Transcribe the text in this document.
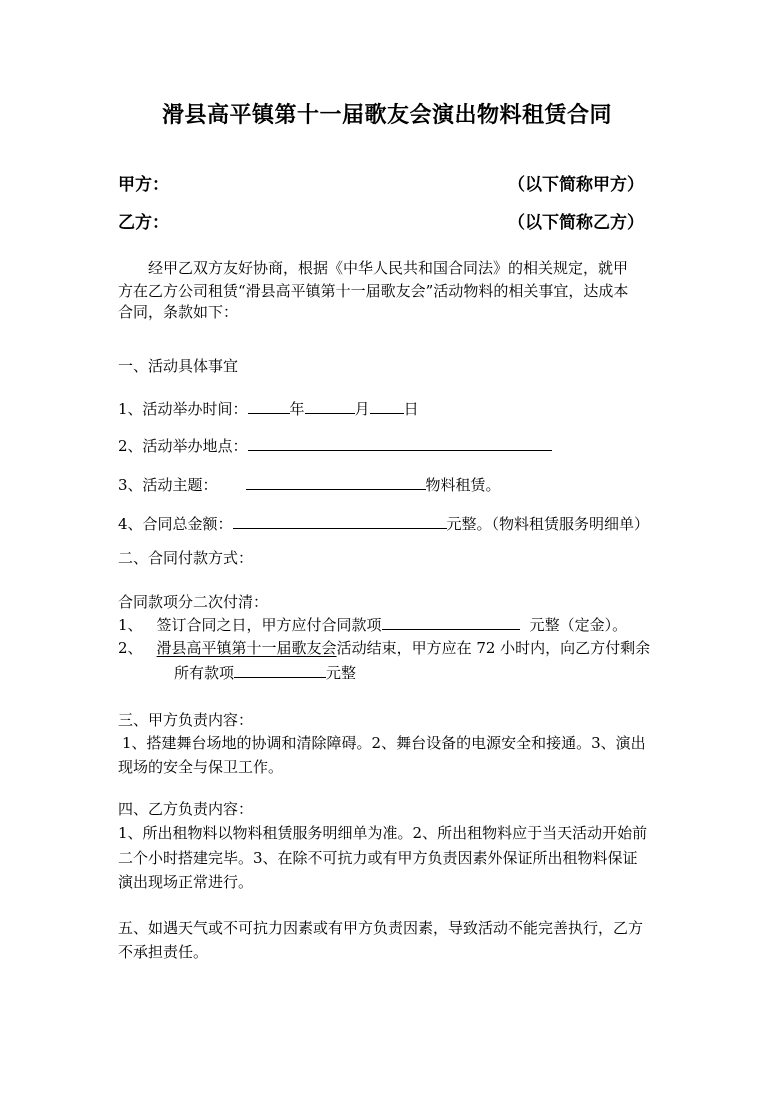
滑县高平镇第十一届歌友会演出物料租赁合同
甲方：	（以下简称甲方）
乙方：	（以下简称乙方）
经甲乙双方友好协商，根据《中华人民共和国合同法》的相关规定，就甲
方在乙方公司租赁“滑县高平镇第十一届歌友会”活动物料的相关事宜，达成本
合同，条款如下：
一、活动具体事宜
1、活动举办时间：	年	月 日
2、活动举办地点：
3、活动主题：	物料租赁。
4、合同总金额：	元整。（物料租赁服务明细单）
二、合同付款方式：
合同款项分二次付清：
1、 签订合同之日，甲方应付合同款项	元整（定金）。
2、 滑县高平镇第十一届歌友会活动结束，甲方应在 72 小时内，向乙方付剩余
所有款项	元整
三、甲方负责内容：
1、搭建舞台场地的协调和清除障碍。2、舞台设备的电源安全和接通。3、演出
现场的安全与保卫工作。
四、乙方负责内容：
1、所出租物料以物料租赁服务明细单为准。2、所出租物料应于当天活动开始前
二个小时搭建完毕。3、在除不可抗力或有甲方负责因素外保证所出租物料保证
演出现场正常进行。
五、如遇天气或不可抗力因素或有甲方负责因素，导致活动不能完善执行，乙方
不承担责任。
